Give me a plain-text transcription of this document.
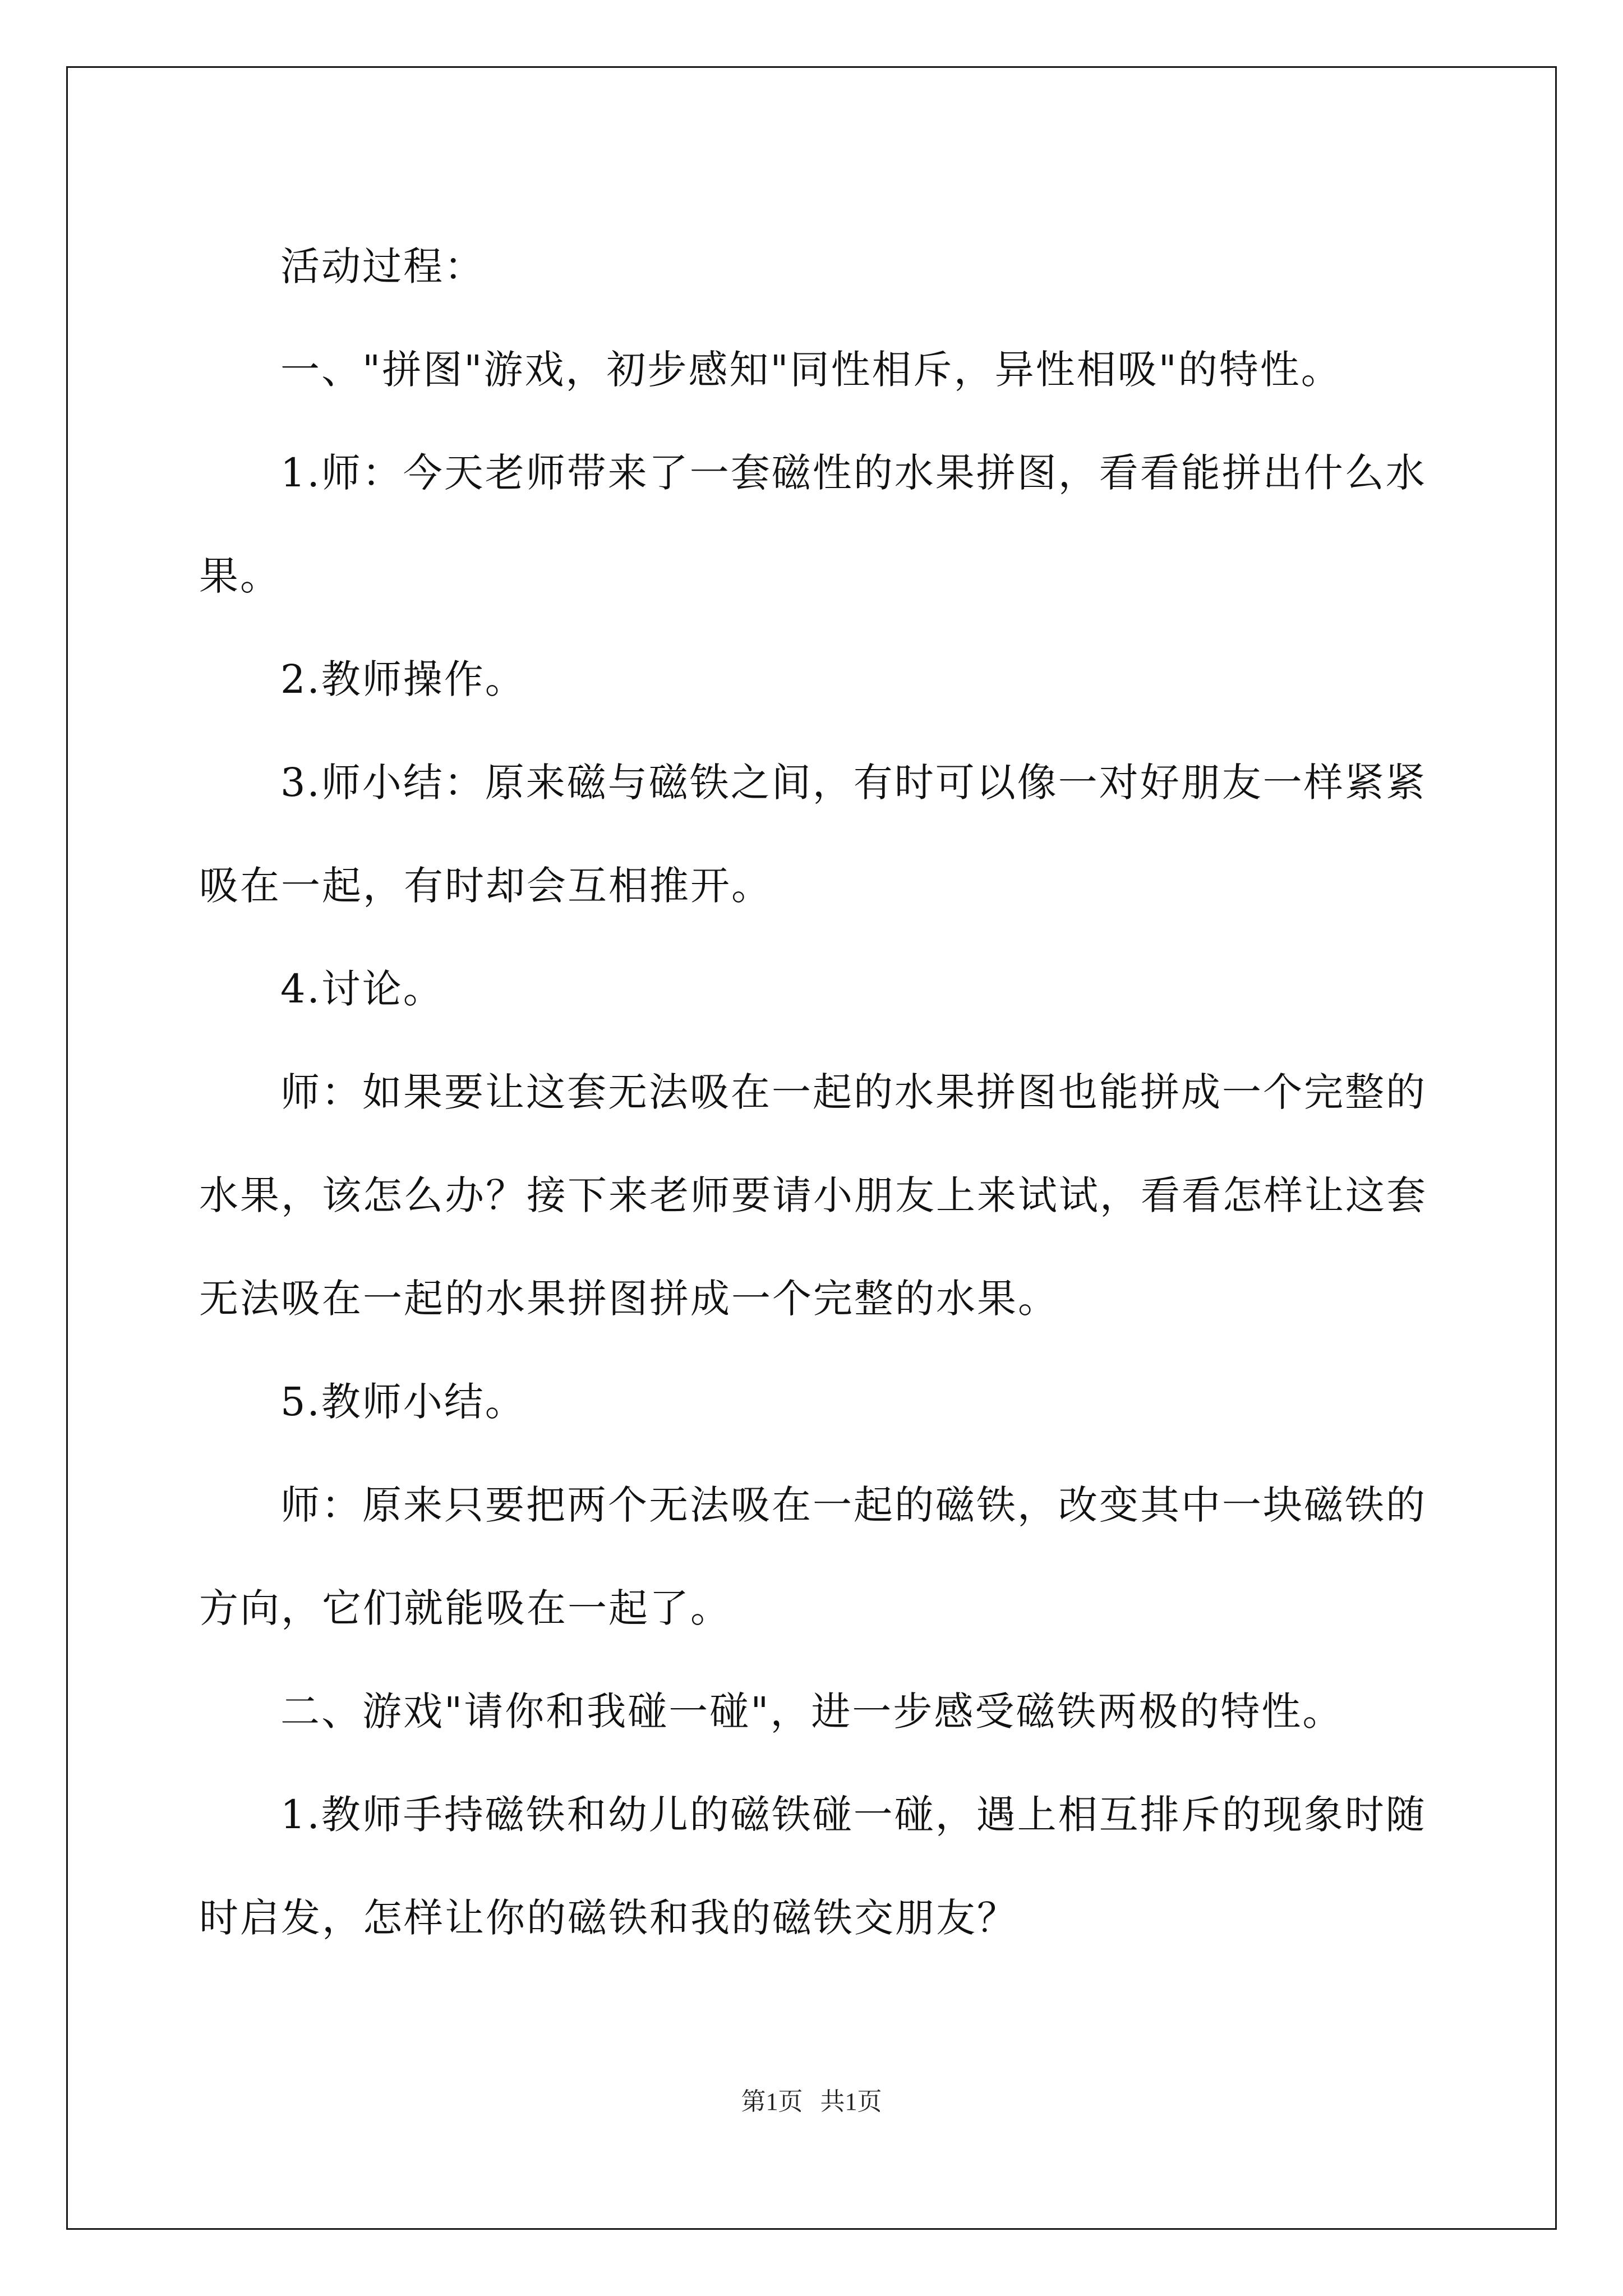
活动过程：

一、"拼图"游戏，初步感知"同性相斥，异性相吸"的特性。

1.师：今天老师带来了一套磁性的水果拼图，看看能拼出什么水果。

2.教师操作。

3.师小结：原来磁与磁铁之间，有时可以像一对好朋友一样紧紧吸在一起，有时却会互相推开。

4.讨论。

师：如果要让这套无法吸在一起的水果拼图也能拼成一个完整的水果，该怎么办？接下来老师要请小朋友上来试试，看看怎样让这套无法吸在一起的水果拼图拼成一个完整的水果。

5.教师小结。

师：原来只要把两个无法吸在一起的磁铁，改变其中一块磁铁的方向，它们就能吸在一起了。

二、游戏"请你和我碰一碰"，进一步感受磁铁两极的特性。

1.教师手持磁铁和幼儿的磁铁碰一碰，遇上相互排斥的现象时随时启发，怎样让你的磁铁和我的磁铁交朋友？

第1页 共1页
